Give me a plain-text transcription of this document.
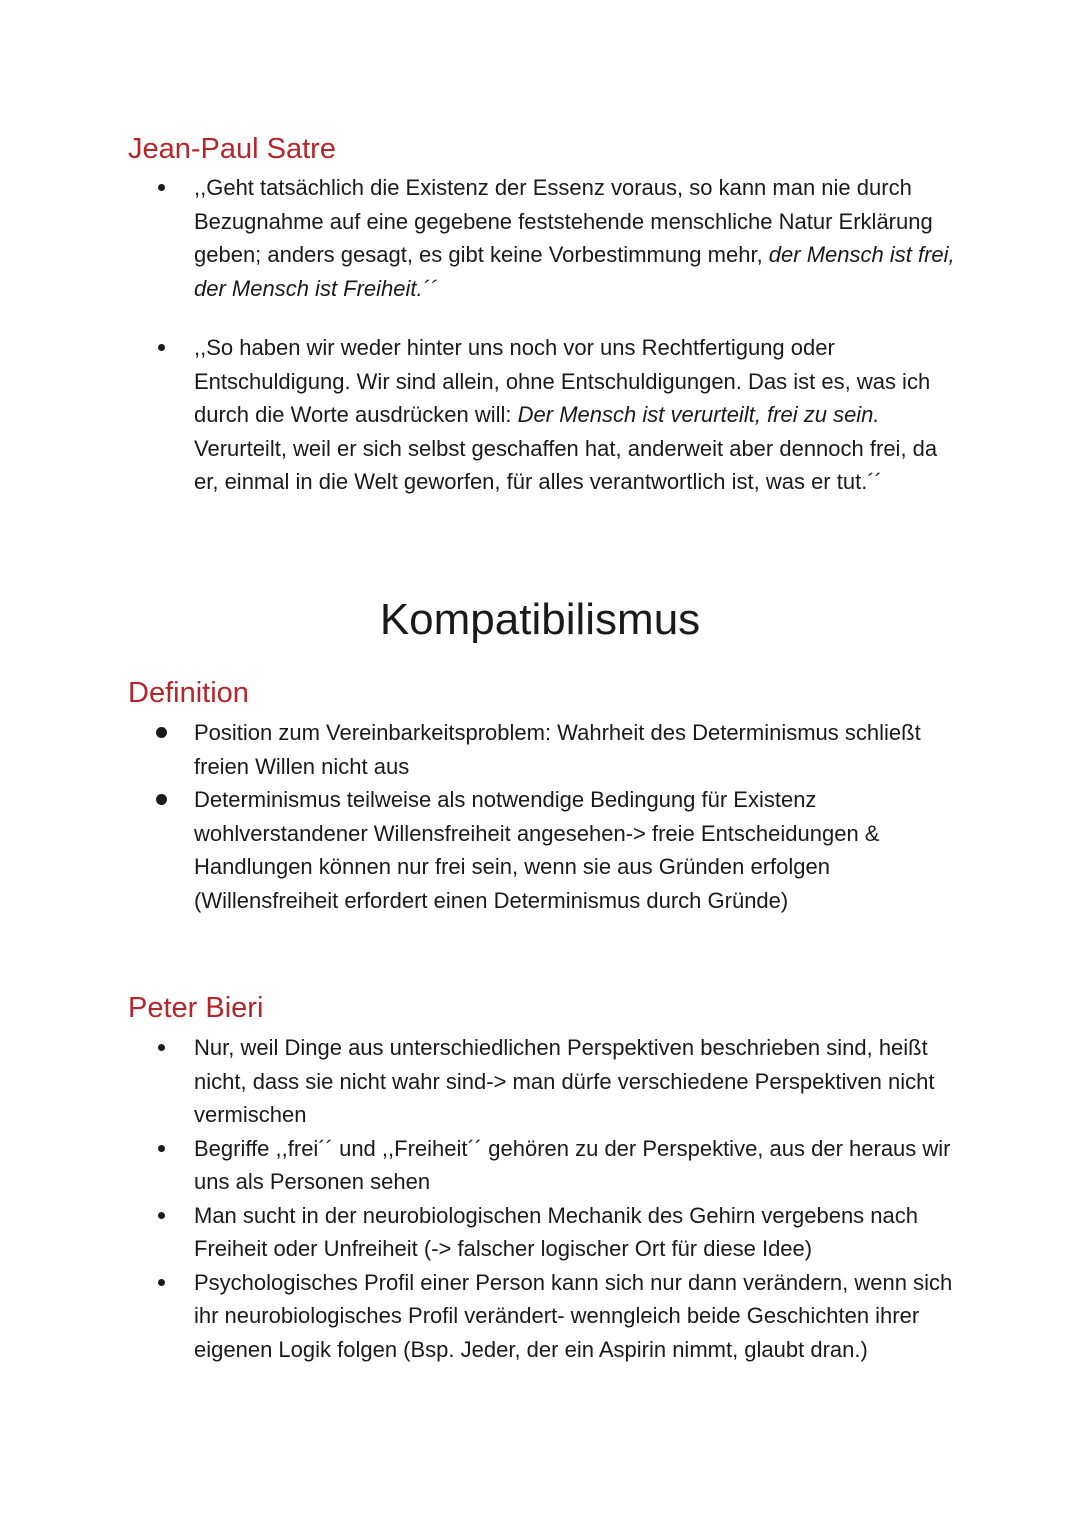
Jean-Paul Satre
,,Geht tatsächlich die Existenz der Essenz voraus, so kann man nie durch Bezugnahme auf eine gegebene feststehende menschliche Natur Erklärung geben; anders gesagt, es gibt keine Vorbestimmung mehr, der Mensch ist frei, der Mensch ist Freiheit.´´
,,So haben wir weder hinter uns noch vor uns Rechtfertigung oder Entschuldigung. Wir sind allein, ohne Entschuldigungen. Das ist es, was ich durch die Worte ausdrücken will: Der Mensch ist verurteilt, frei zu sein. Verurteilt, weil er sich selbst geschaffen hat, anderweit aber dennoch frei, da er, einmal in die Welt geworfen, für alles verantwortlich ist, was er tut.´´
Kompatibilismus
Definition
Position zum Vereinbarkeitsproblem: Wahrheit des Determinismus schließt freien Willen nicht aus
Determinismus teilweise als notwendige Bedingung für Existenz wohlverstandener Willensfreiheit angesehen-> freie Entscheidungen & Handlungen können nur frei sein, wenn sie aus Gründen erfolgen (Willensfreiheit erfordert einen Determinismus durch Gründe)
Peter Bieri
Nur, weil Dinge aus unterschiedlichen Perspektiven beschrieben sind, heißt nicht, dass sie nicht wahr sind-> man dürfe verschiedene Perspektiven nicht vermischen
Begriffe ,,frei´´ und ,,Freiheit´´ gehören zu der Perspektive, aus der heraus wir uns als Personen sehen
Man sucht in der neurobiologischen Mechanik des Gehirn vergebens nach Freiheit oder Unfreiheit (-> falscher logischer Ort für diese Idee)
Psychologisches Profil einer Person kann sich nur dann verändern, wenn sich ihr neurobiologisches Profil verändert- wenngleich beide Geschichten ihrer eigenen Logik folgen (Bsp. Jeder, der ein Aspirin nimmt, glaubt dran.)
